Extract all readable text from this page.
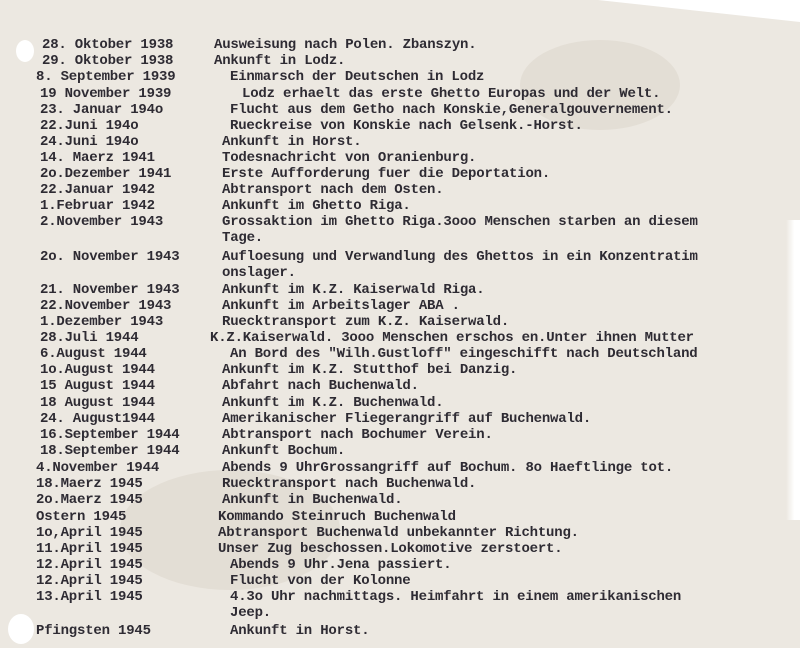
28. Oktober 1938	Ausweisung nach Polen. Zbanszyn.
29. Oktober 1938	Ankunft in Lodz.
8. September 1939	Einmarsch der Deutschen in Lodz
19 November 1939	Lodz erhaelt das erste Ghetto Europas und der Welt.
23. Januar 194o	Flucht aus dem Getho nach Konskie,Generalgouvernement.
22.Juni 194o	Rueckreise von Konskie nach Gelsenk.-Horst.
24.Juni 194o	Ankunft in Horst.
14. Maerz 1941	Todesnachricht von Oranienburg.
2o.Dezember 1941	Erste Aufforderung fuer die Deportation.
22.Januar 1942	Abtransport nach dem Osten.
1.Februar 1942	Ankunft im Ghetto Riga.
2.November 1943	Grossaktion im Ghetto Riga.3ooo Menschen starben an diesem
Tage.
2o. November 1943	Aufloesung und Verwandlung des Ghettos in ein Konzentratim
onslager.
21. November 1943	Ankunft im K.Z. Kaiserwald Riga.
22.November 1943	Ankunft im Arbeitslager ABA .
1.Dezember 1943	Ruecktransport zum K.Z. Kaiserwald.
28.Juli 1944	K.Z.Kaiserwald. 3ooo Menschen erschos en.Unter ihnen Mutter
6.August 1944	An Bord des "Wilh.Gustloff" eingeschifft nach Deutschland
1o.August 1944	Ankunft im K.Z. Stutthof bei Danzig.
15 August 1944	Abfahrt nach Buchenwald.
18 August 1944	Ankunft im K.Z. Buchenwald.
24. August1944	Amerikanischer Fliegerangriff auf Buchenwald.
16.September 1944	Abtransport nach Bochumer Verein.
18.September 1944	Ankunft Bochum.
4.November 1944	Abends 9 UhrGrossangriff auf Bochum. 8o Haeftlinge tot.
18.Maerz 1945	Ruecktransport nach Buchenwald.
2o.Maerz 1945	Ankunft in Buchenwald.
Ostern 1945	Kommando Steinruch Buchenwald
1o,April 1945	Abtransport Buchenwald unbekannter Richtung.
11.April 1945	Unser Zug beschossen.Lokomotive zerstoert.
12.April 1945	Abends 9 Uhr.Jena passiert.
12.April 1945	Flucht von der Kolonne
13.April 1945	4.3o Uhr nachmittags. Heimfahrt in einem amerikanischen
Jeep.
Pfingsten 1945	Ankunft in Horst.
